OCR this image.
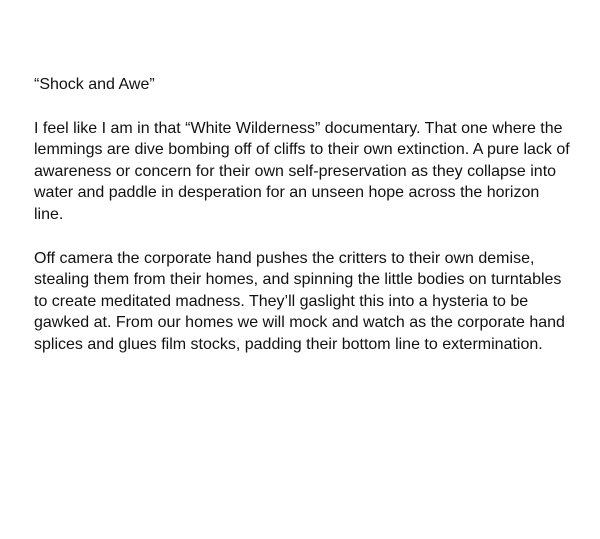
“Shock and Awe”

I feel like I am in that “White Wilderness” documentary. That one where the lemmings are dive bombing off of cliffs to their own extinction. A pure lack of awareness or concern for their own self-preservation as they collapse into water and paddle in desperation for an unseen hope across the horizon line.

Off camera the corporate hand pushes the critters to their own demise, stealing them from their homes, and spinning the little bodies on turntables to create meditated madness. They’ll gaslight this into a hysteria to be gawked at. From our homes we will mock and watch as the corporate hand splices and glues film stocks, padding their bottom line to extermination.
